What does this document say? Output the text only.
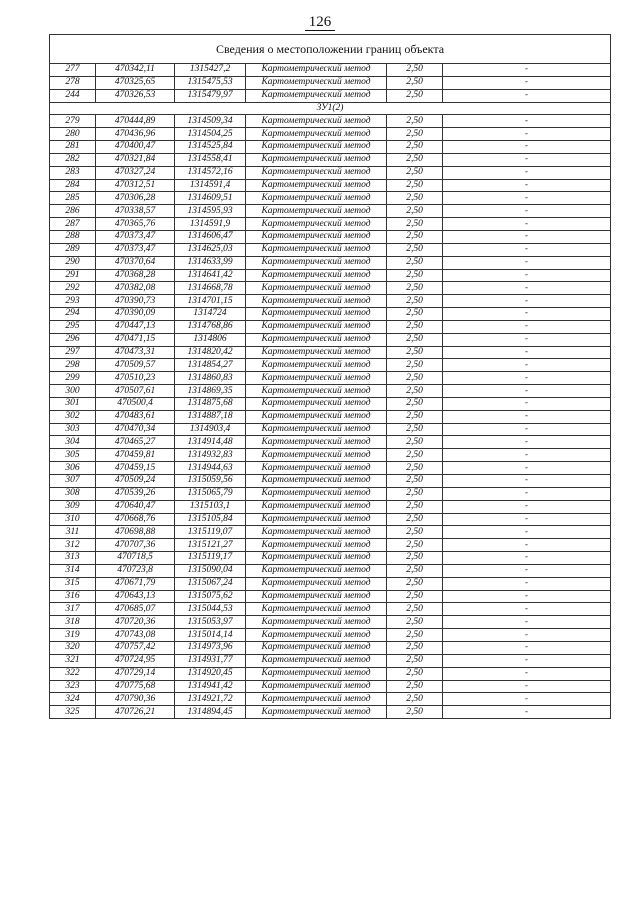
126
Сведения о местоположении границ объекта					
277	470342,11	1315427,2	Картометрический метод	2,50	-
278	470325,65	1315475,53	Картометрический метод	2,50	-
244	470326,53	1315479,97	Картометрический метод	2,50	-
ЗУ1(2)					
279	470444,89	1314509,34	Картометрический метод	2,50	-
280	470436,96	1314504,25	Картометрический метод	2,50	-
281	470400,47	1314525,84	Картометрический метод	2,50	-
282	470321,84	1314558,41	Картометрический метод	2,50	-
283	470327,24	1314572,16	Картометрический метод	2,50	-
284	470312,51	1314591,4	Картометрический метод	2,50	-
285	470306,28	1314609,51	Картометрический метод	2,50	-
286	470338,57	1314595,93	Картометрический метод	2,50	-
287	470365,76	1314591,9	Картометрический метод	2,50	-
288	470373,47	1314606,47	Картометрический метод	2,50	-
289	470373,47	1314625,03	Картометрический метод	2,50	-
290	470370,64	1314633,99	Картометрический метод	2,50	-
291	470368,28	1314641,42	Картометрический метод	2,50	-
292	470382,08	1314668,78	Картометрический метод	2,50	-
293	470390,73	1314701,15	Картометрический метод	2,50	-
294	470390,09	1314724	Картометрический метод	2,50	-
295	470447,13	1314768,86	Картометрический метод	2,50	-
296	470471,15	1314806	Картометрический метод	2,50	-
297	470473,31	1314820,42	Картометрический метод	2,50	-
298	470509,57	1314854,27	Картометрический метод	2,50	-
299	470510,23	1314860,83	Картометрический метод	2,50	-
300	470507,61	1314869,35	Картометрический метод	2,50	-
301	470500,4	1314875,68	Картометрический метод	2,50	-
302	470483,61	1314887,18	Картометрический метод	2,50	-
303	470470,34	1314903,4	Картометрический метод	2,50	-
304	470465,27	1314914,48	Картометрический метод	2,50	-
305	470459,81	1314932,83	Картометрический метод	2,50	-
306	470459,15	1314944,63	Картометрический метод	2,50	-
307	470509,24	1315059,56	Картометрический метод	2,50	-
308	470539,26	1315065,79	Картометрический метод	2,50	-
309	470640,47	1315103,1	Картометрический метод	2,50	-
310	470668,76	1315105,84	Картометрический метод	2,50	-
311	470698,88	1315119,07	Картометрический метод	2,50	-
312	470707,36	1315121,27	Картометрический метод	2,50	-
313	470718,5	1315119,17	Картометрический метод	2,50	-
314	470723,8	1315090,04	Картометрический метод	2,50	-
315	470671,79	1315067,24	Картометрический метод	2,50	-
316	470643,13	1315075,62	Картометрический метод	2,50	-
317	470685,07	1315044,53	Картометрический метод	2,50	-
318	470720,36	1315053,97	Картометрический метод	2,50	-
319	470743,08	1315014,14	Картометрический метод	2,50	-
320	470757,42	1314973,96	Картометрический метод	2,50	-
321	470724,95	1314931,77	Картометрический метод	2,50	-
322	470729,14	1314920,45	Картометрический метод	2,50	-
323	470775,68	1314941,42	Картометрический метод	2,50	-
324	470790,36	1314921,72	Картометрический метод	2,50	-
325	470726,21	1314894,45	Картометрический метод	2,50	-
